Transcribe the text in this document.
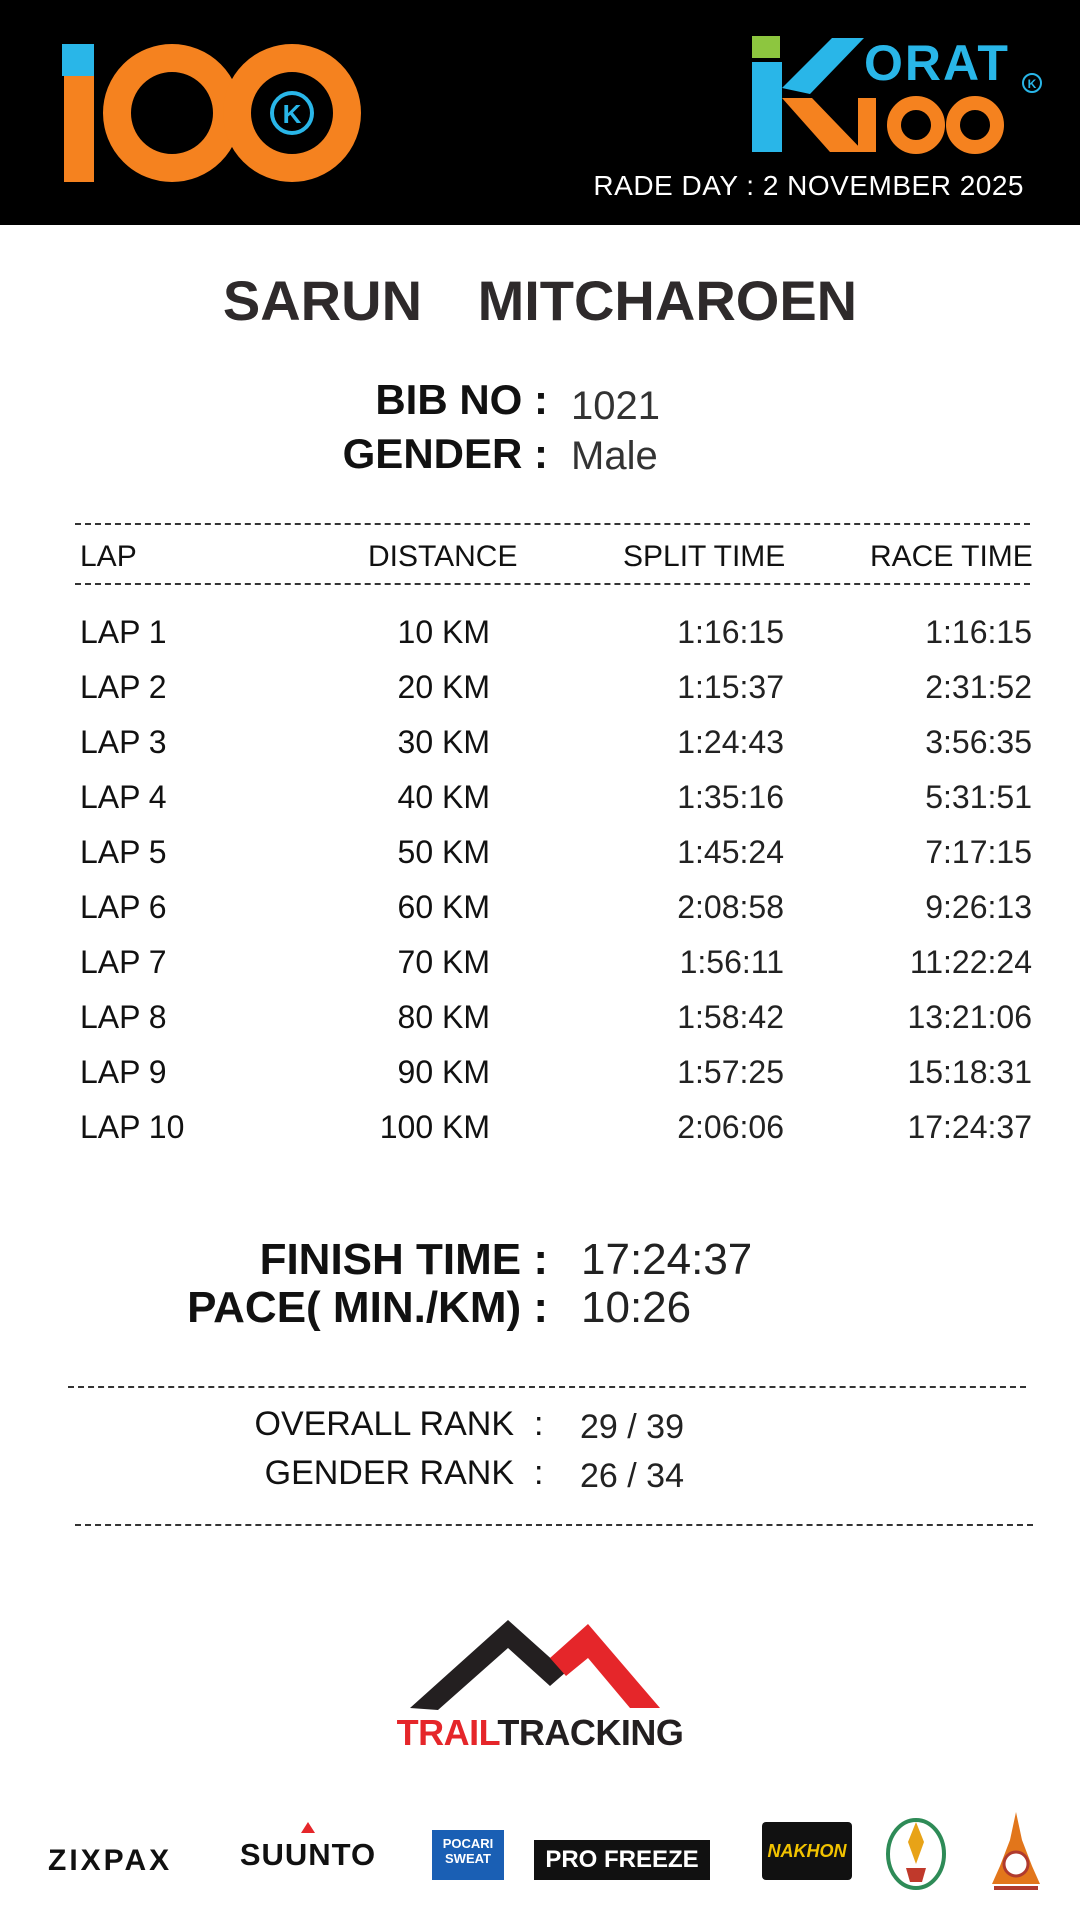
K
ORAT K
RADE DAY : 2 NOVEMBER 2025
SARUN MITCHAROEN
BIB NO : 1021
GENDER : Male
LAP	DISTANCE	SPLIT TIME	RACE TIME
LAP 1	10 KM	1:16:15	1:16:15
LAP 2	20 KM	1:15:37	2:31:52
LAP 3	30 KM	1:24:43	3:56:35
LAP 4	40 KM	1:35:16	5:31:51
LAP 5	50 KM	1:45:24	7:17:15
LAP 6	60 KM	2:08:58	9:26:13
LAP 7	70 KM	1:56:11	11:22:24
LAP 8	80 KM	1:58:42	13:21:06
LAP 9	90 KM	1:57:25	15:18:31
LAP 10	100 KM	2:06:06	17:24:37
FINISH TIME : 17:24:37
PACE( MIN./KM) : 10:26
OVERALL RANK : 29 / 39
GENDER RANK : 26 / 34
TRAILTRACKING
ZIXPAX SUUNTO	POCARI SWEAT	PRO FREEZE	NAKHON
